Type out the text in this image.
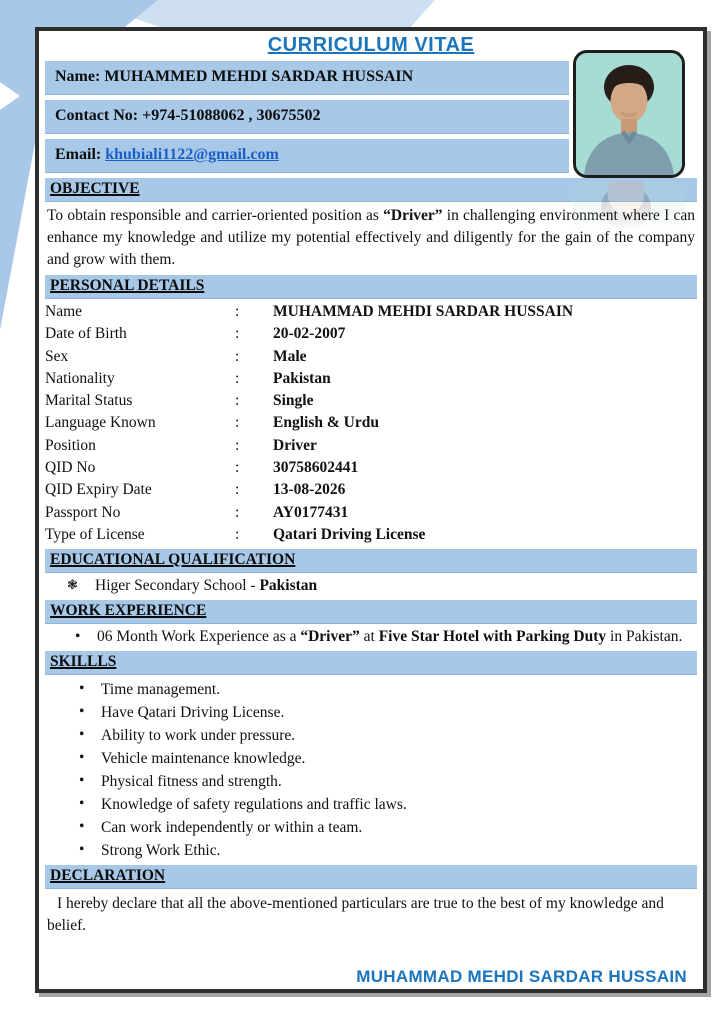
CURRICULUM VITAE
Name: MUHAMMED MEHDI SARDAR HUSSAIN
Contact No: +974-51088062 , 30675502
Email: khubiali1122@gmail.com
OBJECTIVE
To obtain responsible and carrier-oriented position as “Driver” in challenging environment where I can enhance my knowledge and utilize my potential effectively and diligently for the gain of the company and grow with them.
PERSONAL DETAILS
Name	:	MUHAMMAD MEHDI SARDAR HUSSAIN
Date of Birth	:	20-02-2007
Sex	:	Male
Nationality	:	Pakistan
Marital Status	:	Single
Language Known	:	English & Urdu
Position	:	Driver
QID No	:	30758602441
QID Expiry Date	:	13-08-2026
Passport No	:	AY0177431
Type of License	:	Qatari Driving License
EDUCATIONAL QUALIFICATION
❃ Higer Secondary School - Pakistan
WORK EXPERIENCE
• 06 Month Work Experience as a “Driver” at Five Star Hotel with Parking Duty in Pakistan.
SKILLLS
• Time management.
• Have Qatari Driving License.
• Ability to work under pressure.
• Vehicle maintenance knowledge.
• Physical fitness and strength.
• Knowledge of safety regulations and traffic laws.
• Can work independently or within a team.
• Strong Work Ethic.
DECLARATION
I hereby declare that all the above-mentioned particulars are true to the best of my knowledge and belief.
MUHAMMAD MEHDI SARDAR HUSSAIN
